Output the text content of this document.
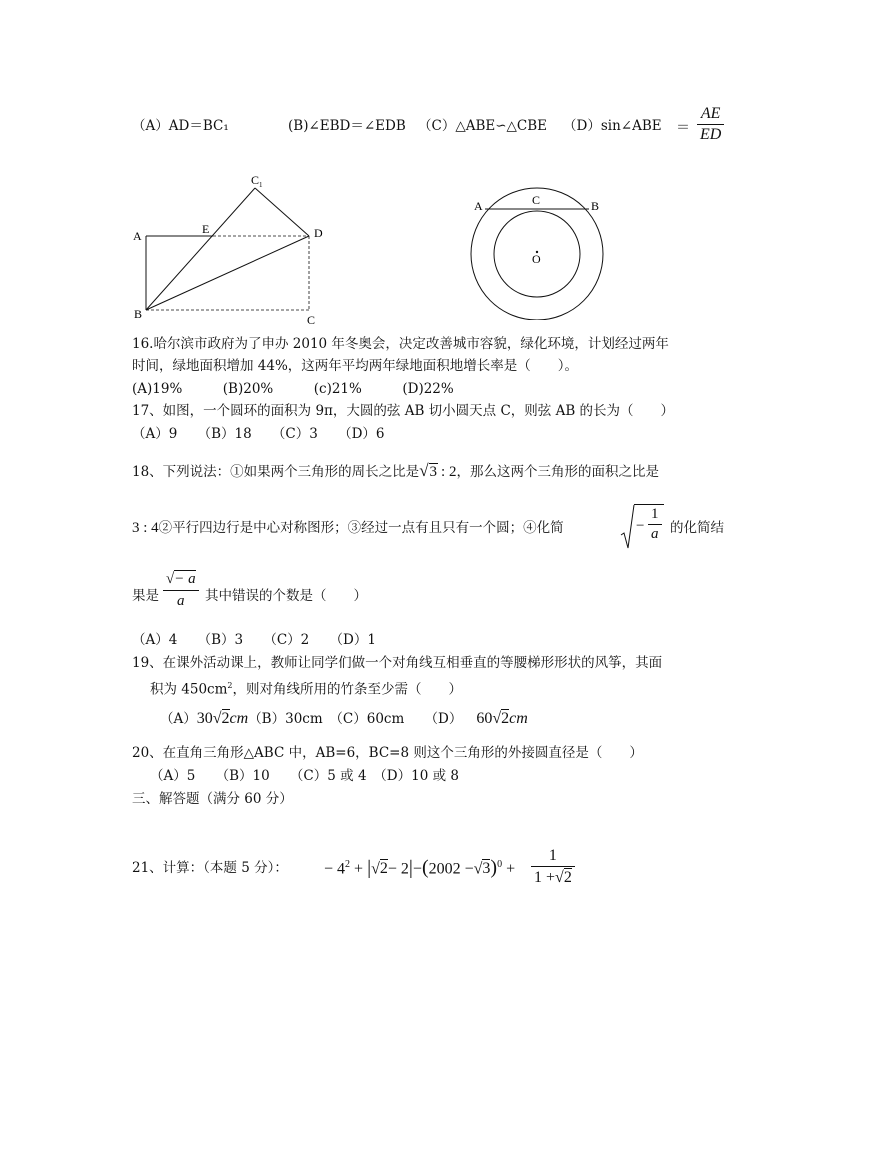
（A）AD＝BC₁	(B)∠EBD＝∠EDB （C）△ABE∽△CBE （D）sin∠ABE ＝ $\frac{AE}{ED}$
C 1
A	E	D
B	C
A	C	B
O
16.哈尔滨市政府为了申办 2010 年冬奥会，决定改善城市容貌，绿化环境，计划经过两年
时间，绿地面积增加 44%，这两年平均两年绿地面积地增长率是（　　）。
(A)19%　　　(B)20%　　　(c)21%　　　(D)22%
17、如图，一个圆环的面积为 9π，大圆的弦 AB 切小圆天点 C，则弦 AB 的长为（　　）
（A）9　　（B）18　　（C）3　　（D）6
18、下列说法：①如果两个三角形的周长之比是√3 : 2，那么这两个三角形的面积之比是
3 : 4②平行四边行是中心对称图形；③经过一点有且只有一个圆；④化简	− $\frac{1}{a}$ 的化简结
果是 $\frac{√- a}{a}$ 其中错误的个数是（　　）
（A）4　　（B）3　　（C）2　　（D）1
19、在课外活动课上，教师让同学们做一个对角线互相垂直的等腰梯形形状的风筝，其面
积为 $450cm^2$，则对角线所用的竹条至少需（　　）
（A）30√2cm（B）30cm　（C）60cm　　（D） 60√2cm
20、在直角三角形△ABC 中，AB=6，BC=8 则这个三角形的外接圆直径是（　　）
（A）5　　（B）10　　（C）5 或 4　（D）10 或 8
三、解答题（满分 60 分）
21、计算：（本题 5 分）： − $4^2 + |√2- 2|-(2002 -√3)^0 + \frac{1}{1 +√2}$
